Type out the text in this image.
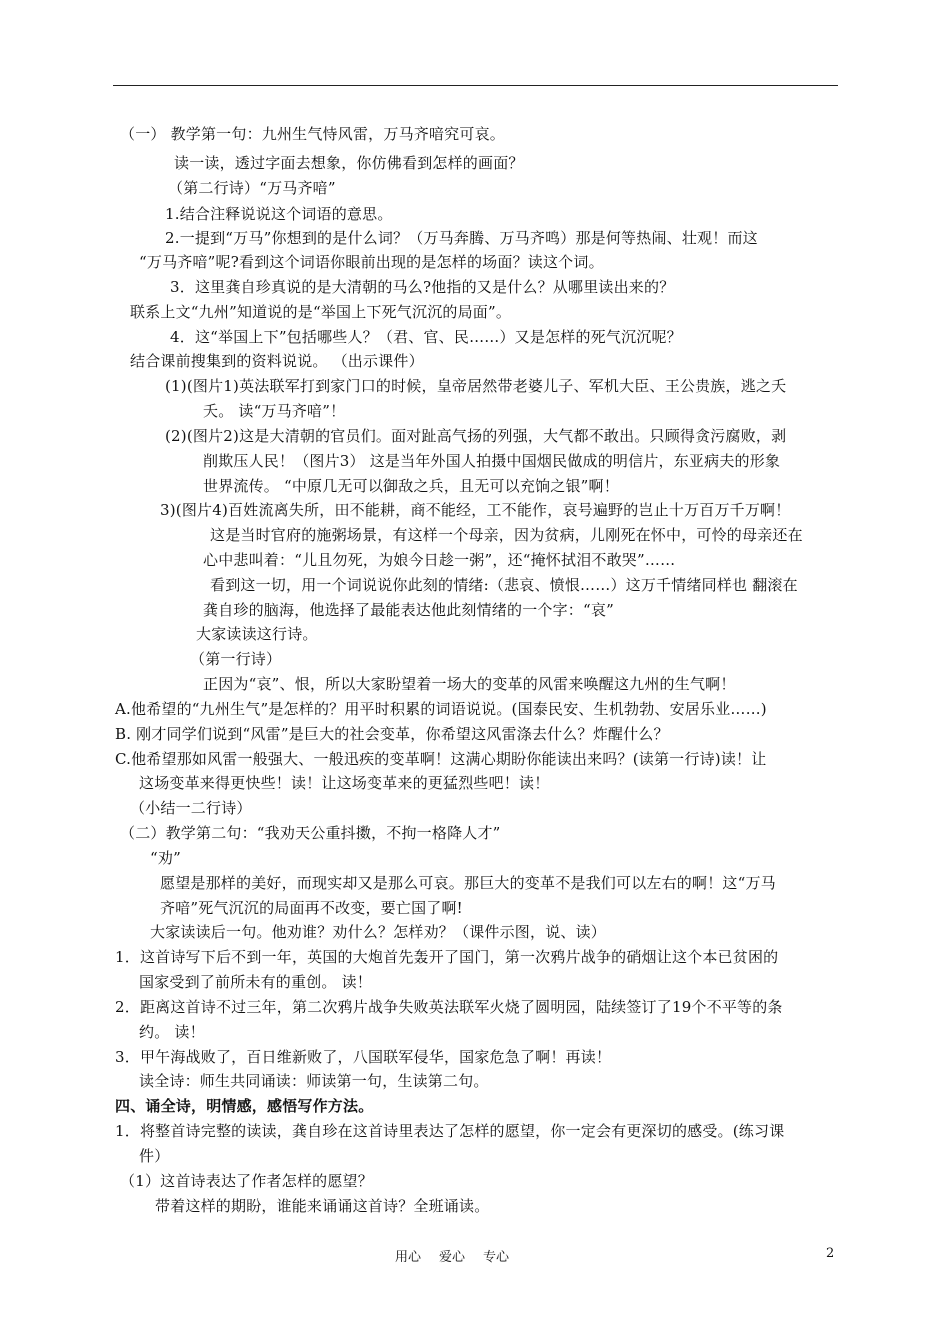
（一） 教学第一句：九州生气恃风雷，万马齐喑究可哀。
读一读，透过字面去想象，你仿佛看到怎样的画面？
（第二行诗）“万马齐喑”
1.结合注释说说这个词语的意思。
2.一提到“万马”你想到的是什么词？（万马奔腾、万马齐鸣）那是何等热闹、壮观！而这
“万马齐喑”呢?看到这个词语你眼前出现的是怎样的场面？读这个词。
3．这里龚自珍真说的是大清朝的马么?他指的又是什么？从哪里读出来的？
联系上文“九州”知道说的是“举国上下死气沉沉的局面”。
4．这“举国上下”包括哪些人？（君、官、民……）又是怎样的死气沉沉呢？
结合课前搜集到的资料说说。 （出示课件）
(1)(图片1)英法联军打到家门口的时候，皇帝居然带老婆儿子、军机大臣、王公贵族，逃之夭
夭。 读“万马齐喑”！
(2)(图片2)这是大清朝的官员们。面对趾高气扬的列强，大气都不敢出。只顾得贪污腐败，剥
削欺压人民！（图片3） 这是当年外国人拍摄中国烟民做成的明信片，东亚病夫的形象
世界流传。 “中原几无可以御敌之兵，且无可以充饷之银”啊！
3)(图片4)百姓流离失所，田不能耕，商不能经，工不能作，哀号遍野的岂止十万百万千万啊！
这是当时官府的施粥场景，有这样一个母亲，因为贫病，儿刚死在怀中，可怜的母亲还在
心中悲叫着：“儿且勿死，为娘今日趁一粥”，还“掩怀拭泪不敢哭”……
看到这一切，用一个词说说你此刻的情绪:（悲哀、愤恨……）这万千情绪同样也 翻滚在
龚自珍的脑海，他选择了最能表达他此刻情绪的一个字：“哀”
大家读读这行诗。
（第一行诗）
正因为“哀”、恨，所以大家盼望着一场大的变革的风雷来唤醒这九州的生气啊！
A.他希望的“九州生气”是怎样的？用平时积累的词语说说。(国泰民安、生机勃勃、安居乐业……)
B. 刚才同学们说到“风雷”是巨大的社会变革，你希望这风雷涤去什么？炸醒什么？
C.他希望那如风雷一般强大、一般迅疾的变革啊！这满心期盼你能读出来吗？(读第一行诗)读！让
这场变革来得更快些！读！让这场变革来的更猛烈些吧！读！
（小结一二行诗）
（二）教学第二句：“我劝天公重抖擞，不拘一格降人才”
“劝”
愿望是那样的美好，而现实却又是那么可哀。那巨大的变革不是我们可以左右的啊！这“万马
齐喑”死气沉沉的局面再不改变，要亡国了啊!
大家读读后一句。他劝谁？劝什么？怎样劝？（课件示图，说、读）
1．这首诗写下后不到一年，英国的大炮首先轰开了国门，第一次鸦片战争的硝烟让这个本已贫困的
国家受到了前所未有的重创。 读！
2．距离这首诗不过三年，第二次鸦片战争失败英法联军火烧了圆明园，陆续签订了19个不平等的条
约。 读！
3．甲午海战败了，百日维新败了，八国联军侵华，国家危急了啊！再读！
读全诗：师生共同诵读：师读第一句，生读第二句。
四、诵全诗，明情感，感悟写作方法。
1．将整首诗完整的读读，龚自珍在这首诗里表达了怎样的愿望，你一定会有更深切的感受。(练习课
件）
（1）这首诗表达了作者怎样的愿望？
带着这样的期盼，谁能来诵诵这首诗？全班诵读。
用心 爱心 专心	2
